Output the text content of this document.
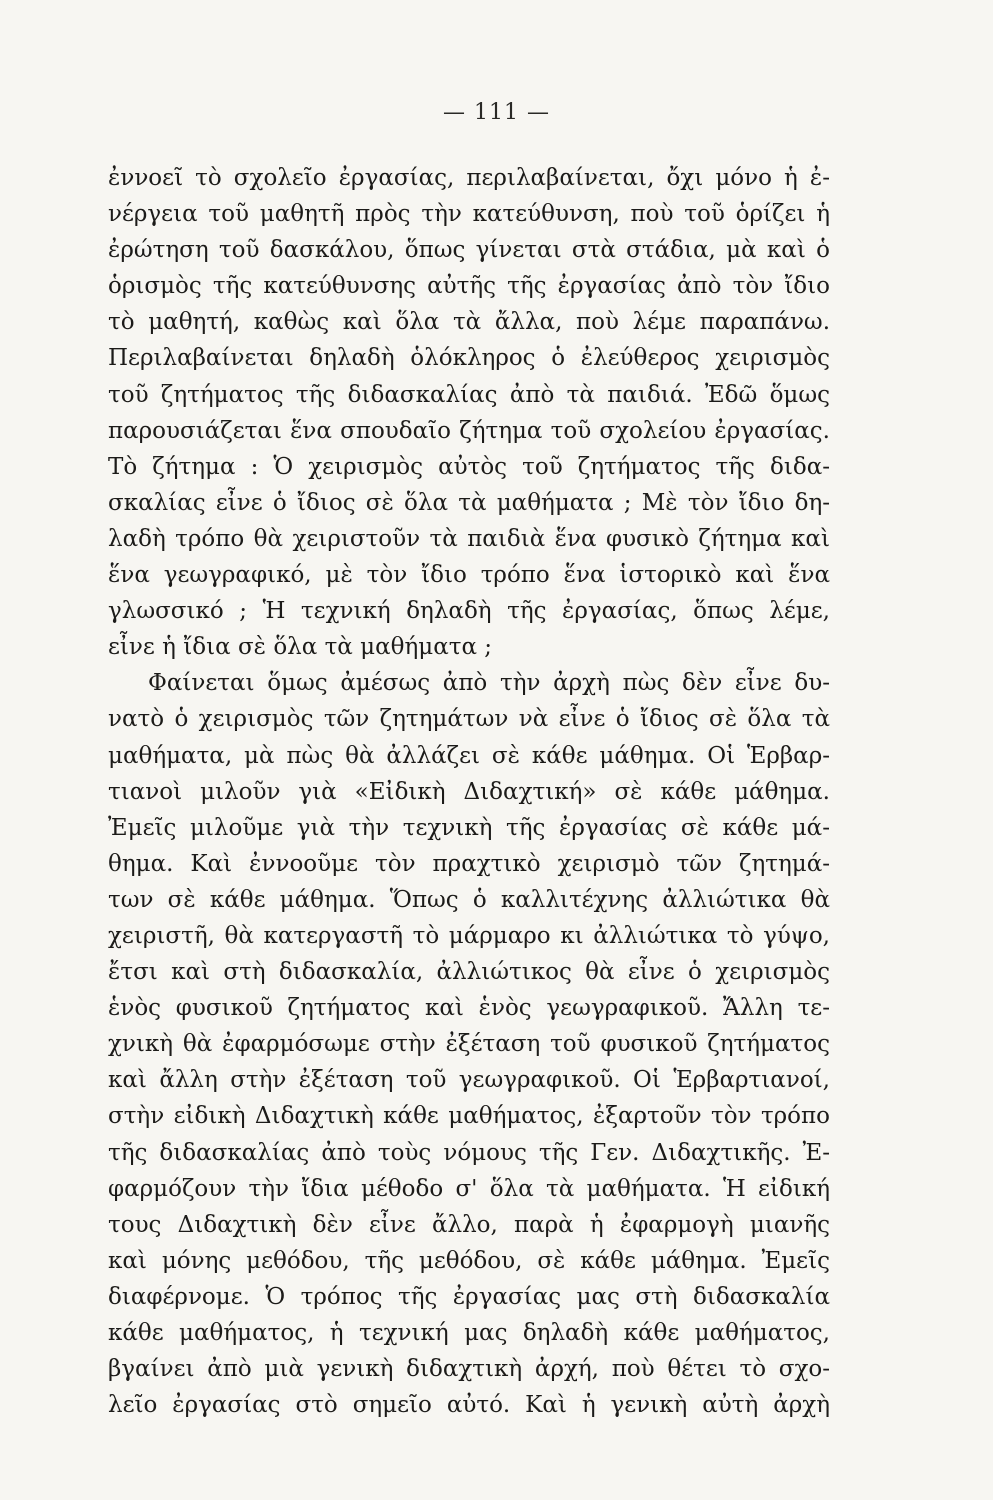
— 111 —
ἐννοεῖ τὸ σχολεῖο ἐργασίας, περιλαβαίνεται, ὄχι μόνο ἡ ἐ-
νέργεια τοῦ μαθητῆ πρὸς τὴν κατεύθυνση, ποὺ τοῦ ὁρίζει ἡ
ἐρώτηση τοῦ δασκάλου, ὅπως γίνεται στὰ στάδια, μὰ καὶ ὁ
ὁρισμὸς τῆς κατεύθυνσης αὐτῆς τῆς ἐργασίας ἀπὸ τὸν ἴδιο
τὸ μαθητή, καθὼς καὶ ὅλα τὰ ἄλλα, ποὺ λέμε παραπάνω.
Περιλαβαίνεται δηλαδὴ ὁλόκληρος ὁ ἐλεύθερος χειρισμὸς
τοῦ ζητήματος τῆς διδασκαλίας ἀπὸ τὰ παιδιά. Ἐδῶ ὅμως
παρουσιάζεται ἕνα σπουδαῖο ζήτημα τοῦ σχολείου ἐργασίας.
Τὸ ζήτημα : Ὁ χειρισμὸς αὐτὸς τοῦ ζητήματος τῆς διδα-
σκαλίας εἶνε ὁ ἴδιος σὲ ὅλα τὰ μαθήματα ; Μὲ τὸν ἴδιο δη-
λαδὴ τρόπο θὰ χειριστοῦν τὰ παιδιὰ ἕνα φυσικὸ ζήτημα καὶ
ἕνα γεωγραφικό, μὲ τὸν ἴδιο τρόπο ἕνα ἱστορικὸ καὶ ἕνα
γλωσσικό ; Ἡ τεχνική δηλαδὴ τῆς ἐργασίας, ὅπως λέμε,
εἶνε ἡ ἴδια σὲ ὅλα τὰ μαθήματα ;
Φαίνεται ὅμως ἀμέσως ἀπὸ τὴν ἀρχὴ πὼς δὲν εἶνε δυ-
νατὸ ὁ χειρισμὸς τῶν ζητημάτων νὰ εἶνε ὁ ἴδιος σὲ ὅλα τὰ
μαθήματα, μὰ πὼς θὰ ἀλλάζει σὲ κάθε μάθημα. Οἱ Ἑρβαρ-
τιανοὶ μιλοῦν γιὰ «Εἰδικὴ Διδαχτική» σὲ κάθε μάθημα.
Ἐμεῖς μιλοῦμε γιὰ τὴν τεχνικὴ τῆς ἐργασίας σὲ κάθε μά-
θημα. Καὶ ἐννοοῦμε τὸν πραχτικὸ χειρισμὸ τῶν ζητημά-
των σὲ κάθε μάθημα. Ὅπως ὁ καλλιτέχνης ἀλλιώτικα θὰ
χειριστῆ, θὰ κατεργαστῆ τὸ μάρμαρο κι ἀλλιώτικα τὸ γύψο,
ἔτσι καὶ στὴ διδασκαλία, ἀλλιώτικος θὰ εἶνε ὁ χειρισμὸς
ἑνὸς φυσικοῦ ζητήματος καὶ ἑνὸς γεωγραφικοῦ. Ἄλλη τε-
χνικὴ θὰ ἐφαρμόσωμε στὴν ἐξέταση τοῦ φυσικοῦ ζητήματος
καὶ ἄλλη στὴν ἐξέταση τοῦ γεωγραφικοῦ. Οἱ Ἑρβαρτιανοί,
στὴν εἰδικὴ Διδαχτικὴ κάθε μαθήματος, ἐξαρτοῦν τὸν τρόπο
τῆς διδασκαλίας ἀπὸ τοὺς νόμους τῆς Γεν. Διδαχτικῆς. Ἐ-
φαρμόζουν τὴν ἴδια μέθοδο σ' ὅλα τὰ μαθήματα. Ἡ εἰδική
τους Διδαχτικὴ δὲν εἶνε ἄλλο, παρὰ ἡ ἐφαρμογὴ μιανῆς
καὶ μόνης μεθόδου, τῆς μεθόδου, σὲ κάθε μάθημα. Ἐμεῖς
διαφέρνομε. Ὁ τρόπος τῆς ἐργασίας μας στὴ διδασκαλία
κάθε μαθήματος, ἡ τεχνική μας δηλαδὴ κάθε μαθήματος,
βγαίνει ἀπὸ μιὰ γενικὴ διδαχτικὴ ἀρχή, ποὺ θέτει τὸ σχο-
λεῖο ἐργασίας στὸ σημεῖο αὐτό. Καὶ ἡ γενικὴ αὐτὴ ἀρχὴ
